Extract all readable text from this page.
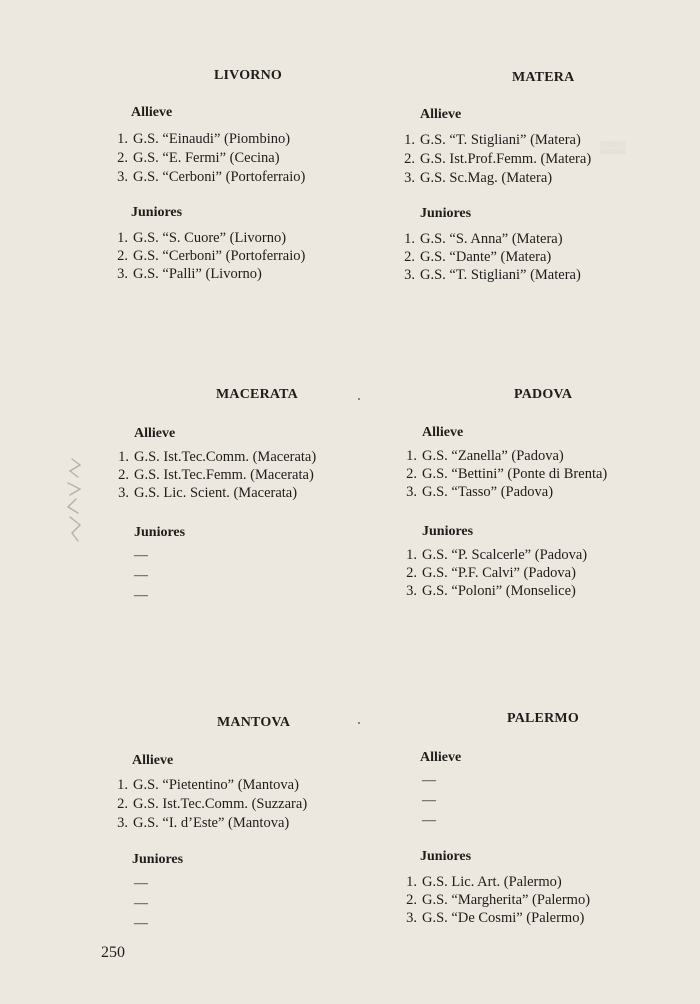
▒▒▒
LIVORNO
Allieve
1. G.S. “Einaudi” (Piombino)
2. G.S. “E. Fermi” (Cecina)
3. G.S. “Cerboni” (Portoferraio)
Juniores
1. G.S. “S. Cuore” (Livorno)
2. G.S. “Cerboni” (Portoferraio)
3. G.S. “Palli” (Livorno)
MATERA
Allieve
1. G.S. “T. Stigliani” (Matera)
2. G.S. Ist.Prof.Femm. (Matera)
3. G.S. Sc.Mag. (Matera)
Juniores
1. G.S. “S. Anna” (Matera)
2. G.S. “Dante” (Matera)
3. G.S. “T. Stigliani” (Matera)
MACERATA
Allieve
1. G.S. Ist.Tec.Comm. (Macerata)
2. G.S. Ist.Tec.Femm. (Macerata)
3. G.S. Lic. Scient. (Macerata)
Juniores
—
—
—
PADOVA
Allieve
1. G.S. “Zanella” (Padova)
2. G.S. “Bettini” (Ponte di Brenta)
3. G.S. “Tasso” (Padova)
Juniores
1. G.S. “P. Scalcerle” (Padova)
2. G.S. “P.F. Calvi” (Padova)
3. G.S. “Poloni” (Monselice)
MANTOVA
Allieve
1. G.S. “Pietentino” (Mantova)
2. G.S. Ist.Tec.Comm. (Suzzara)
3. G.S. “I. d’Este” (Mantova)
Juniores
—
—
—
PALERMO
Allieve
—
—
—
Juniores
1. G.S. Lic. Art. (Palermo)
2. G.S. “Margherita” (Palermo)
3. G.S. “De Cosmi” (Palermo)
250
